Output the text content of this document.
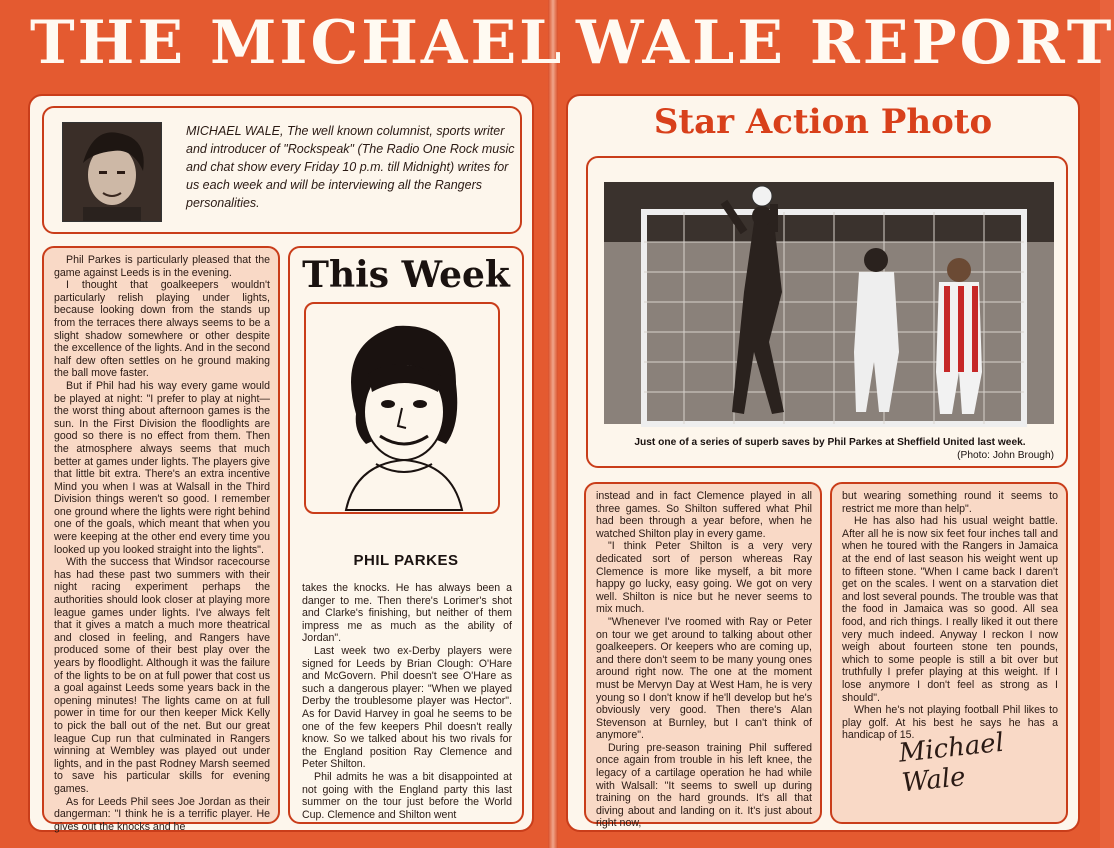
THE MICHAEL WALE REPORT
MICHAEL WALE, The well known columnist, sports writer and introducer of "Rockspeak" (The Radio One Rock music and chat show every Friday 10 p.m. till Midnight) writes for us each week and will be interviewing all the Rangers personalities.

Phil Parkes is particularly pleased that the game against Leeds is in the evening.

I thought that goalkeepers wouldn't particularly relish playing under lights, because looking down from the stands up from the terraces there always seems to be a slight shadow somewhere or other despite the excellence of the lights. And in the second half dew often settles on he ground making the ball move faster.

But if Phil had his way every game would be played at night: "I prefer to play at night—the worst thing about afternoon games is the sun. In the First Division the floodlights are good so there is no effect from them. Then the atmosphere always seems that much better at games under lights. The players give that little bit extra. There's an extra incentive Mind you when I was at Walsall in the Third Division things weren't so good. I remember one ground where the lights were right behind one of the goals, which meant that when you were keeping at the other end every time you looked up you looked straight into the lights".

With the success that Windsor racecourse has had these past two summers with their night racing experiment perhaps the authorities should look closer at playing more league games under lights. I've always felt that it gives a match a much more theatrical and closed in feeling, and Rangers have produced some of their best play over the years by floodlight. Although it was the failure of the lights to be on at full power that cost us a goal against Leeds some years back in the opening minutes! The lights came on at full power in time for our then keeper Mick Kelly to pick the ball out of the net. But our great league Cup run that culminated in Rangers winning at Wembley was played out under lights, and in the past Rodney Marsh seemed to save his particular skills for evening games.

As for Leeds Phil sees Joe Jordan as their dangerman: "I think he is a terrific player. He gives out the knocks and he

This Week
PHIL PARKES

takes the knocks. He has always been a danger to me. Then there's Lorimer's shot and Clarke's finishing, but neither of them impress me as much as the ability of Jordan".

Last week two ex-Derby players were signed for Leeds by Brian Clough: O'Hare and McGovern. Phil doesn't see O'Hare as such a dangerous player: "When we played Derby the troublesome player was Hector". As for David Harvey in goal he seems to be one of the few keepers Phil doesn't really know. So we talked about his two rivals for the England position Ray Clemence and Peter Shilton.

Phil admits he was a bit disappointed at not going with the England party this last summer on the tour just before the World Cup. Clemence and Shilton went

Star Action Photo
Just one of a series of superb saves by Phil Parkes at Sheffield United last week.
(Photo: John Brough)

instead and in fact Clemence played in all three games. So Shilton suffered what Phil had been through a year before, when he watched Shilton play in every game.

"I think Peter Shilton is a very very dedicated sort of person whereas Ray Clemence is more like myself, a bit more happy go lucky, easy going. We got on very well. Shilton is nice but he never seems to mix much.

"Whenever I've roomed with Ray or Peter on tour we get around to talking about other goalkeepers. Or keepers who are coming up, and there don't seem to be many young ones around right now. The one at the moment must be Mervyn Day at West Ham, he is very young so I don't know if he'll develop but he's obviously very good. Then there's Alan Stevenson at Burnley, but I can't think of anymore".

During pre-season training Phil suffered once again from trouble in his left knee, the legacy of a cartilage operation he had while with Walsall: "It seems to swell up during training on the hard grounds. It's all that diving about and landing on it. It's just about right now,

but wearing something round it seems to restrict me more than help".

He has also had his usual weight battle. After all he is now six feet four inches tall and when he toured with the Rangers in Jamaica at the end of last season his weight went up to fifteen stone. "When I came back I daren't get on the scales. I went on a starvation diet and lost several pounds. The trouble was that the food in Jamaica was so good. All sea food, and rich things. I really liked it out there very much indeed. Anyway I reckon I now weigh about fourteen stone ten pounds, which to some people is still a bit over but truthfully I prefer playing at this weight. If I lose anymore I don't feel as strong as I should".

When he's not playing football Phil likes to play golf. At his best he says he has a handicap of 15.

Michael Wale
